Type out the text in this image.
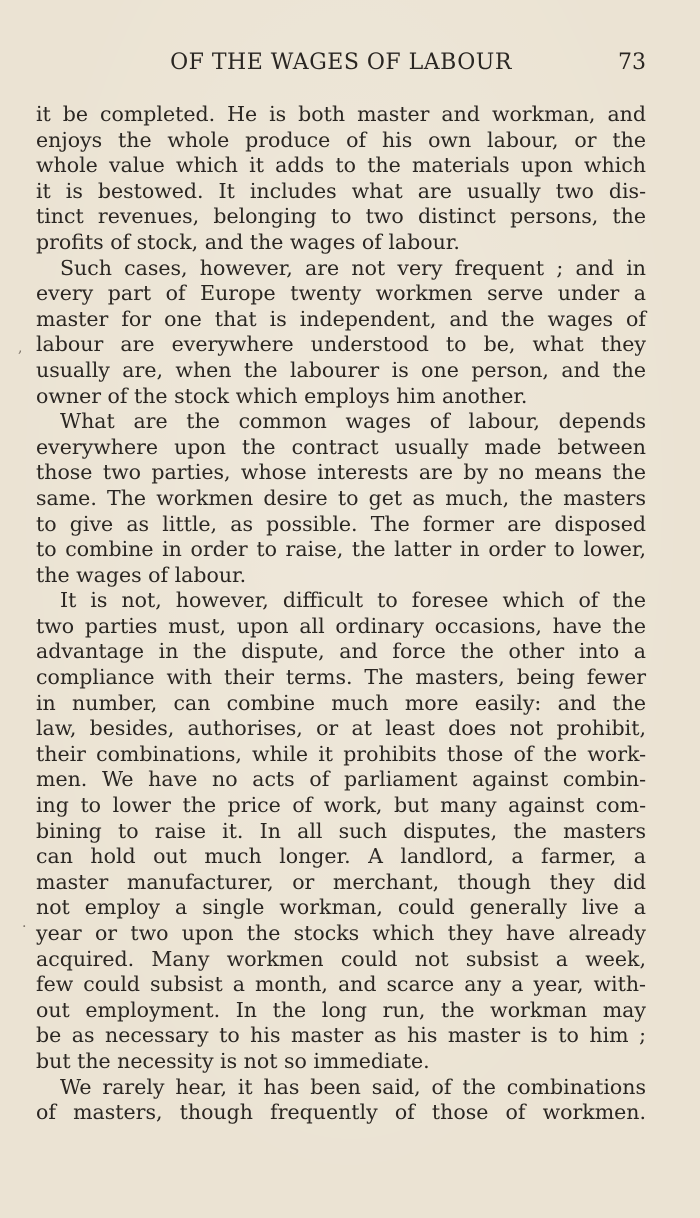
OF THE WAGES OF LABOUR	73
it be completed. He is both master and workman, and
enjoys the whole produce of his own labour, or the
whole value which it adds to the materials upon which
it is bestowed. It includes what are usually two dis-
tinct revenues, belonging to two distinct persons, the
profits of stock, and the wages of labour.
Such cases, however, are not very frequent ; and in
every part of Europe twenty workmen serve under a
master for one that is independent, and the wages of
labour are everywhere understood to be, what they
usually are, when the labourer is one person, and the
owner of the stock which employs him another.
What are the common wages of labour, depends
everywhere upon the contract usually made between
those two parties, whose interests are by no means the
same. The workmen desire to get as much, the masters
to give as little, as possible. The former are disposed
to combine in order to raise, the latter in order to lower,
the wages of labour.
It is not, however, difficult to foresee which of the
two parties must, upon all ordinary occasions, have the
advantage in the dispute, and force the other into a
compliance with their terms. The masters, being fewer
in number, can combine much more easily: and the
law, besides, authorises, or at least does not prohibit,
their combinations, while it prohibits those of the work-
men. We have no acts of parliament against combin-
ing to lower the price of work, but many against com-
bining to raise it. In all such disputes, the masters
can hold out much longer. A landlord, a farmer, a
master manufacturer, or merchant, though they did
not employ a single workman, could generally live a
year or two upon the stocks which they have already
acquired. Many workmen could not subsist a week,
few could subsist a month, and scarce any a year, with-
out employment. In the long run, the workman may
be as necessary to his master as his master is to him ;
but the necessity is not so immediate.
We rarely hear, it has been said, of the combinations
of masters, though frequently of those of workmen.
,
.
